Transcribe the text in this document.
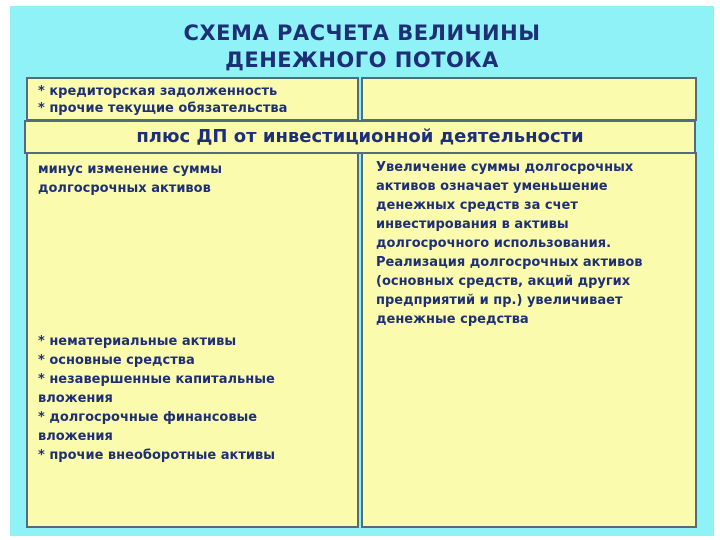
СХЕМА РАСЧЕТА ВЕЛИЧИНЫ
ДЕНЕЖНОГО ПОТОКА
* кредиторская задолженность
* прочие текущие обязательства
плюс ДП от инвестиционной деятельности
минус изменение суммы
долгосрочных активов
* нематериальные активы
* основные средства
* незавершенные капитальные
вложения
* долгосрочные финансовые
вложения
* прочие внеоборотные активы
Увеличение суммы долгосрочных
активов означает уменьшение
денежных средств за счет
инвестирования в активы
долгосрочного использования.
Реализация долгосрочных активов
(основных средств, акций других
предприятий и пр.) увеличивает
денежные средства
